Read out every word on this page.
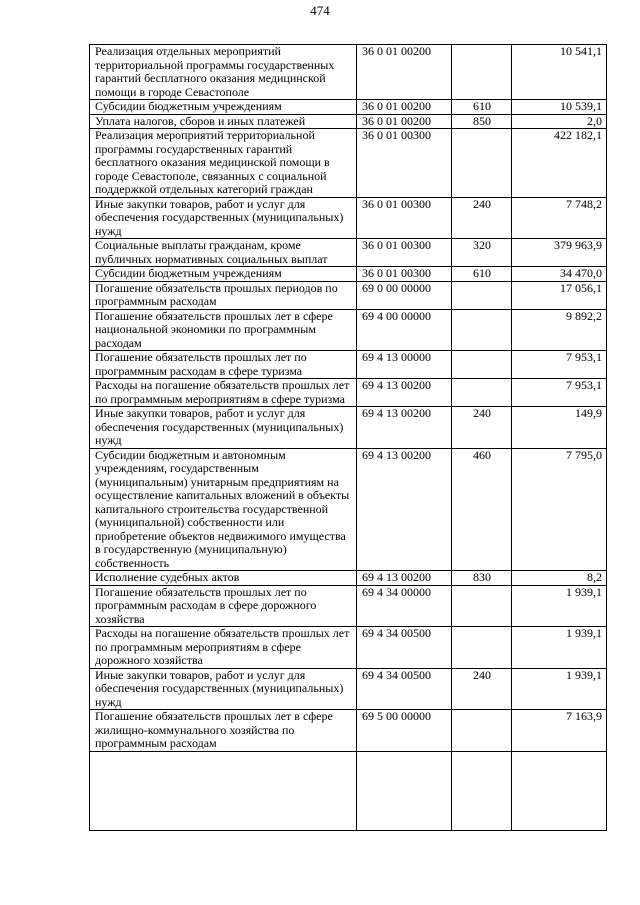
474
Реализация отдельных мероприятий территориальной программы государственных гарантий бесплатного оказания медицинской помощи в городе Севастополе	36 0 01 00200		10 541,1
Субсидии бюджетным учреждениям	36 0 01 00200	610	10 539,1
Уплата налогов, сборов и иных платежей	36 0 01 00200	850	2,0
Реализация мероприятий территориальной программы государственных гарантий бесплатного оказания медицинской помощи в городе Севастополе, связанных с социальной поддержкой отдельных категорий граждан	36 0 01 00300		422 182,1
Иные закупки товаров, работ и услуг для обеспечения государственных (муниципальных) нужд	36 0 01 00300	240	7 748,2
Социальные выплаты гражданам, кроме публичных нормативных социальных выплат	36 0 01 00300	320	379 963,9
Субсидии бюджетным учреждениям	36 0 01 00300	610	34 470,0
Погашение обязательств прошлых периодов по программным расходам	69 0 00 00000		17 056,1
Погашение обязательств прошлых лет в сфере национальной экономики по программным расходам	69 4 00 00000		9 892,2
Погашение обязательств прошлых лет по программным расходам в сфере туризма	69 4 13 00000		7 953,1
Расходы на погашение обязательств прошлых лет по программным мероприятиям в сфере туризма	69 4 13 00200		7 953,1
Иные закупки товаров, работ и услуг для обеспечения государственных (муниципальных) нужд	69 4 13 00200	240	149,9
Субсидии бюджетным и автономным учреждениям, государственным (муниципальным) унитарным предприятиям на осуществление капитальных вложений в объекты капитального строительства государственной (муниципальной) собственности или приобретение объектов недвижимого имущества в государственную (муниципальную) собственность	69 4 13 00200	460	7 795,0
Исполнение судебных актов	69 4 13 00200	830	8,2
Погашение обязательств прошлых лет по программным расходам в сфере дорожного хозяйства	69 4 34 00000		1 939,1
Расходы на погашение обязательств прошлых лет по программным мероприятиям в сфере дорожного хозяйства	69 4 34 00500		1 939,1
Иные закупки товаров, работ и услуг для обеспечения государственных (муниципальных) нужд	69 4 34 00500	240	1 939,1
Погашение обязательств прошлых лет в сфере жилищно-коммунального хозяйства по программным расходам	69 5 00 00000		7 163,9
